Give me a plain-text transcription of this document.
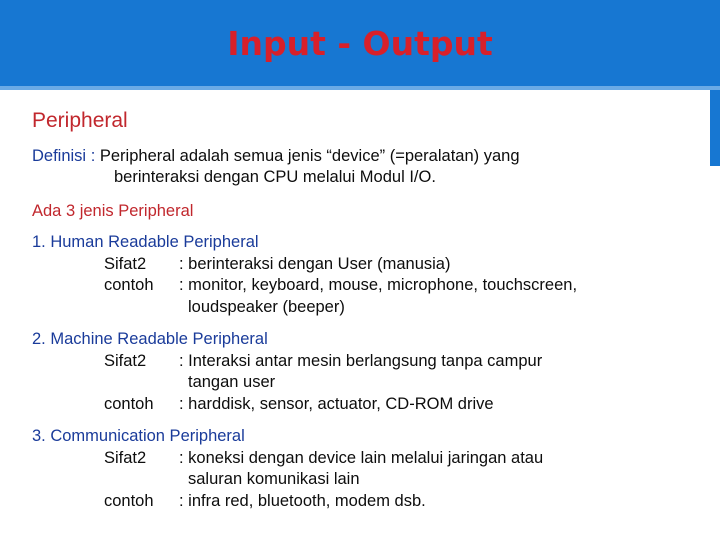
Input - Output
Peripheral
Definisi : Peripheral adalah semua jenis “device” (=peralatan) yang
berinteraksi dengan CPU melalui Modul I/O.
Ada 3 jenis Peripheral
1. Human Readable Peripheral
Sifat2	: berinteraksi dengan User (manusia)
contoh	: monitor, keyboard, mouse, microphone, touchscreen,
loudspeaker (beeper)
2. Machine Readable Peripheral
Sifat2	: Interaksi antar mesin berlangsung tanpa campur
tangan user
contoh	: harddisk, sensor, actuator, CD-ROM drive
3. Communication Peripheral
Sifat2	: koneksi dengan device lain melalui jaringan atau
saluran komunikasi lain
contoh	: infra red, bluetooth, modem dsb.
